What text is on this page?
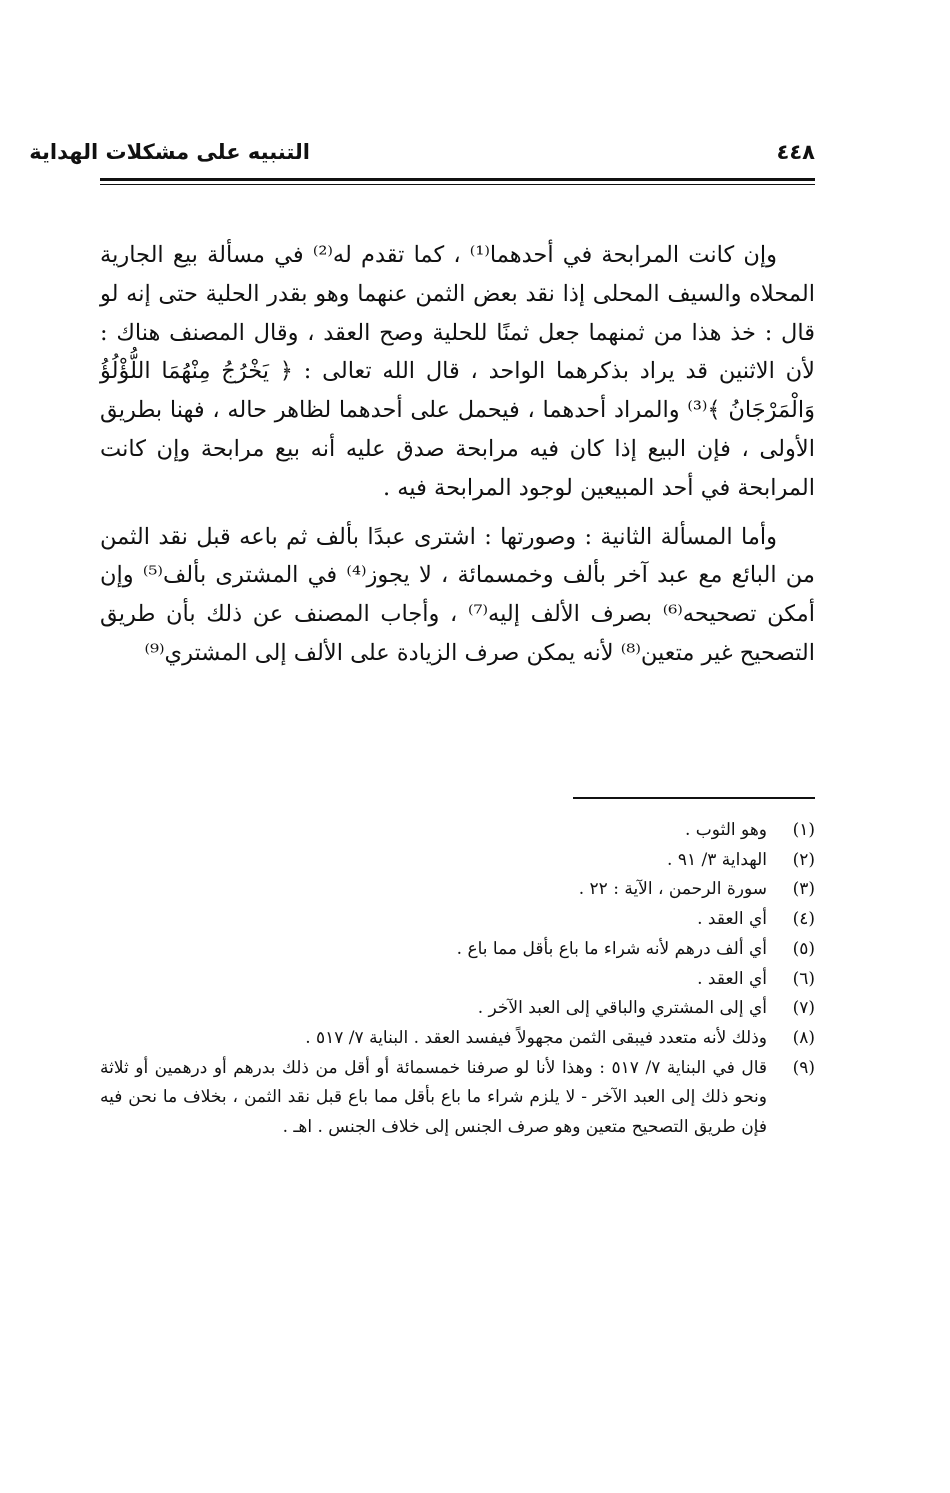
٤٤٨
التنبيه على مشكلات الهداية

وإن كانت المرابحة في أحدهما⁽¹⁾ ، كما تقدم له⁽²⁾ في مسألة بيع الجارية المحلاه والسيف المحلى إذا نقد بعض الثمن عنهما وهو بقدر الحلية حتى إنه لو قال : خذ هذا من ثمنهما جعل ثمنًا للحلية وصح العقد ، وقال المصنف هناك : لأن الاثنين قد يراد بذكرهما الواحد ، قال الله تعالى : ﴿ يَخْرُجُ مِنْهُمَا اللُّؤْلُؤُ وَالْمَرْجَانُ ﴾⁽³⁾ والمراد أحدهما ، فيحمل على أحدهما لظاهر حاله ، فهنا بطريق الأولى ، فإن البيع إذا كان فيه مرابحة صدق عليه أنه بيع مرابحة وإن كانت المرابحة في أحد المبيعين لوجود المرابحة فيه .

وأما المسألة الثانية : وصورتها : اشترى عبدًا بألف ثم باعه قبل نقد الثمن من البائع مع عبد آخر بألف وخمسمائة ، لا يجوز⁽⁴⁾ في المشترى بألف⁽⁵⁾ وإن أمكن تصحيحه⁽⁶⁾ بصرف الألف إليه⁽⁷⁾ ، وأجاب المصنف عن ذلك بأن طريق التصحيح غير متعين⁽⁸⁾ لأنه يمكن صرف الزيادة على الألف إلى المشتري⁽⁹⁾

(١)
وهو الثوب .
(٢)
الهداية ٣/ ٩١ .
(٣)
سورة الرحمن ، الآية : ٢٢ .
(٤)
أي العقد .
(٥)
أي ألف درهم لأنه شراء ما باع بأقل مما باع .
(٦)
أي العقد .
(٧)
أي إلى المشتري والباقي إلى العبد الآخر .
(٨)
وذلك لأنه متعدد فيبقى الثمن مجهولاً فيفسد العقد . البناية ٧/ ٥١٧ .
(٩)
قال في البناية ٧/ ٥١٧ : وهذا لأنا لو صرفنا خمسمائة أو أقل من ذلك بدرهم أو درهمين أو ثلاثة ونحو ذلك إلى العبد الآخر - لا يلزم شراء ما باع بأقل مما باع قبل نقد الثمن ، بخلاف ما نحن فيه فإن طريق التصحيح متعين وهو صرف الجنس إلى خلاف الجنس . اهـ .
